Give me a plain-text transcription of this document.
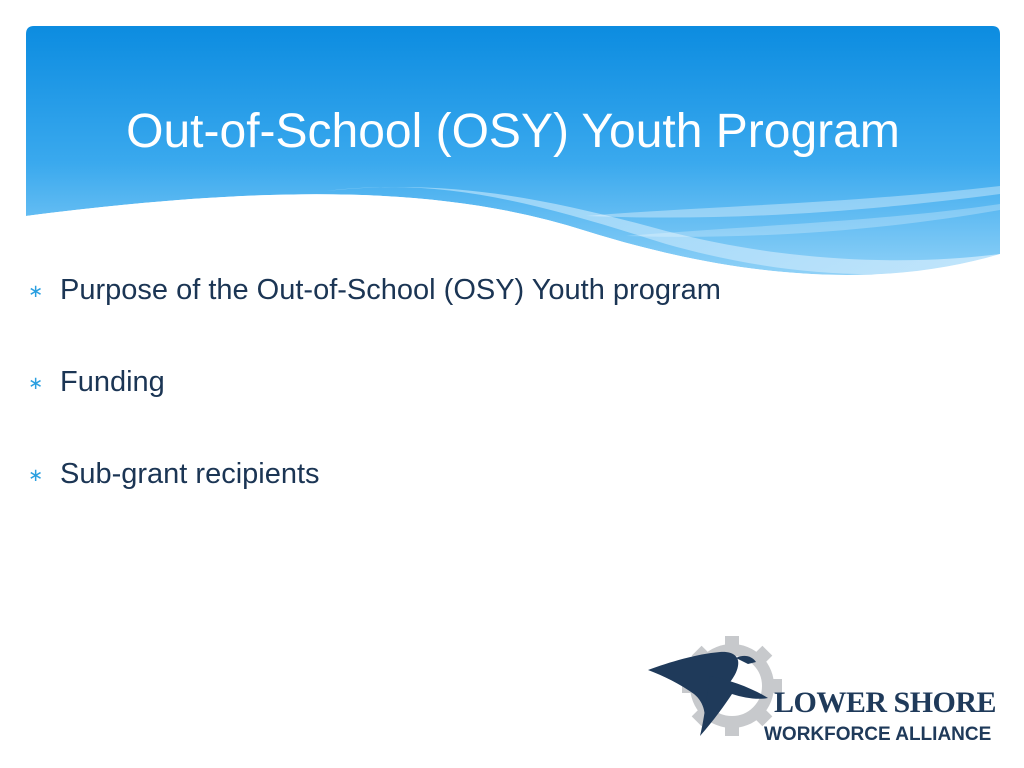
Out-of-School (OSY) Youth Program
∗ Purpose of the Out-of-School (OSY) Youth program
∗ Funding
∗ Sub-grant recipients
LOWER SHORE
WORKFORCE ALLIANCE
